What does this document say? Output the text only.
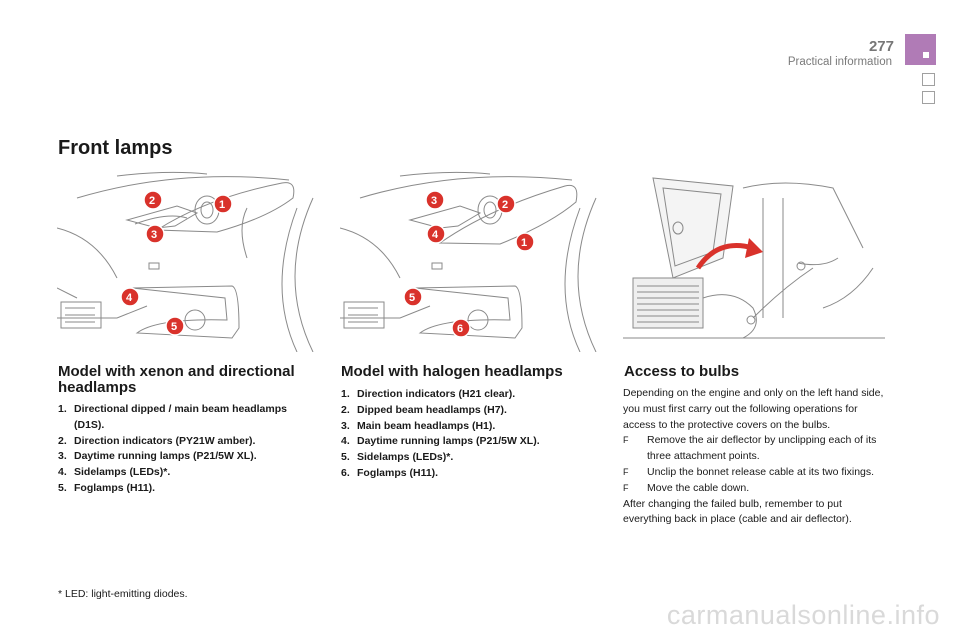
277
Practical information
Front lamps
2	1
3
4
5
3	2
4
1
5
6
Model with xenon and directional
headlamps
1. Directional dipped / main beam headlamps (D1S).
2. Direction indicators (PY21W amber).
3. Daytime running lamps (P21/5W XL).
4. Sidelamps (LEDs)*.
5. Foglamps (H11).
Model with halogen headlamps
1. Direction indicators (H21 clear).
2. Dipped beam headlamps (H7).
3. Main beam headlamps (H1).
4. Daytime running lamps (P21/5W XL).
5. Sidelamps (LEDs)*.
6. Foglamps (H11).
Access to bulbs

Depending on the engine and only on the left hand side, you must first carry out the following operations for access to the protective covers on the bulbs.

F	Remove the air deflector by unclipping each of its three attachment points.
F	Unclip the bonnet release cable at its two fixings.
F	Move the cable down.

After changing the failed bulb, remember to put everything back in place (cable and air deflector).

* LED: light-emitting diodes.
carmanualsonline.info
